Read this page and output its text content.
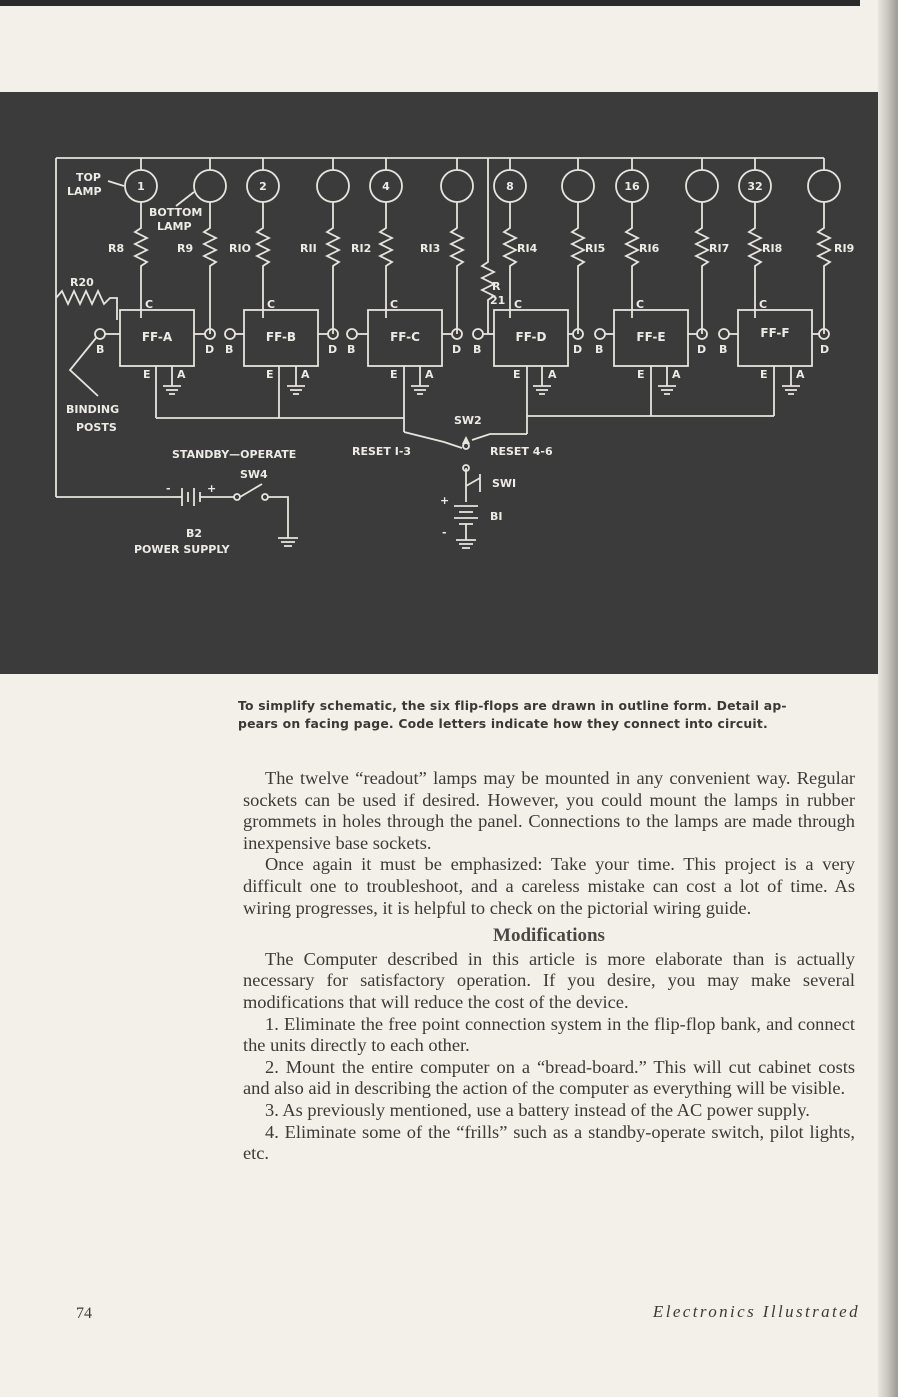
1	2	4	8	16	32
R8	R9	RIO	RII	RI2	RI3	RI4	RI5	RI6	RI7	RI8	RI9
R
21
R20
FF-A	FF-B	FF-C	FF-D	FF-E	FF-F
C	C	C	C	C	C
B	D B	D B	D B	D B	D B	D
E A	E A	E A	E A	E A	E	A
SW2
RESET I-3	RESET 4-6
SWI
+
-
BI
+
-
B2
SW4
STANDBY—OPERATE
POWER SUPPLY
TOP
LAMP
BOTTOM
LAMP
BINDING
POSTS
To simplify schematic, the six flip-flops are drawn in outline form. Detail ap-
pears on facing page. Code letters indicate how they connect into circuit.

The twelve “readout” lamps may be mounted in any convenient way. Regular sockets can be used if desired. However, you could mount the lamps in rubber grommets in holes through the panel. Connections to the lamps are made through inexpensive base sockets.

Once again it must be emphasized: Take your time. This project is a very difficult one to troubleshoot, and a careless mistake can cost a lot of time. As wiring progresses, it is helpful to check on the pictorial wiring guide.

Modifications

The Computer described in this article is more elaborate than is actually necessary for satisfactory operation. If you desire, you may make several modifications that will reduce the cost of the device.

1. Eliminate the free point connection system in the flip-flop bank, and connect the units directly to each other.

2. Mount the entire computer on a “bread-board.” This will cut cabinet costs and also aid in describing the action of the computer as everything will be visible.

3. As previously mentioned, use a battery instead of the AC power supply.

4. Eliminate some of the “frills” such as a standby-operate switch, pilot lights, etc.

74	Electronics Illustrated
